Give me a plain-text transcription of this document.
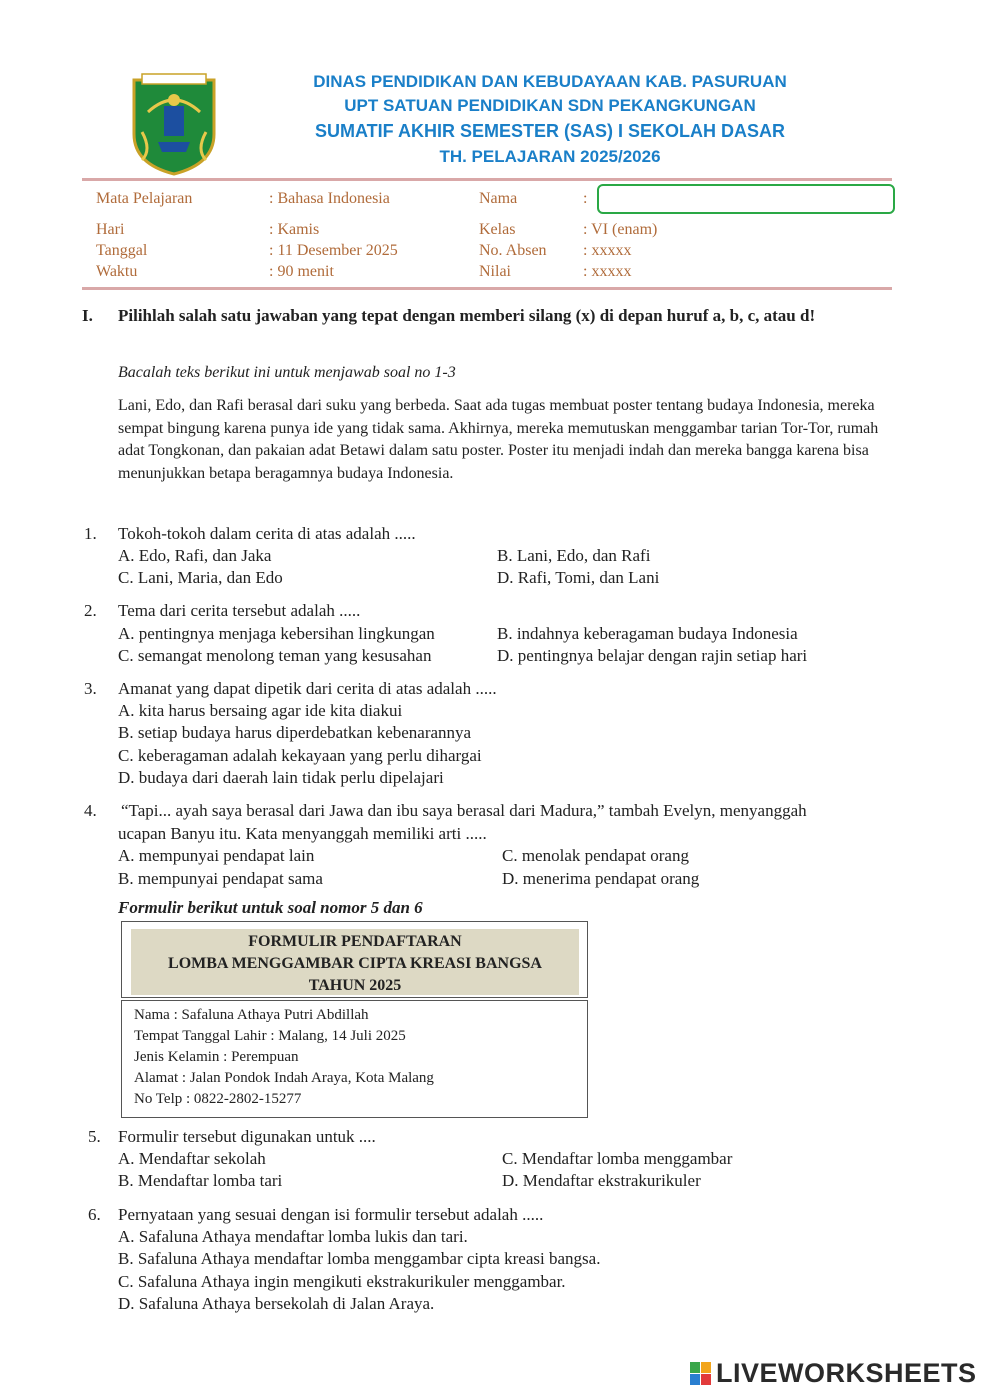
DINAS PENDIDIKAN DAN KEBUDAYAAN KAB. PASURUAN
UPT SATUAN PENDIDIKAN SDN PEKANGKUNGAN
SUMATIF AKHIR SEMESTER (SAS) I SEKOLAH DASAR
TH. PELAJARAN 2025/2026
Mata Pelajaran	: Bahasa Indonesia	Nama	:
Hari	: Kamis	Kelas	: VI (enam)
Tanggal	: 11 Desember 2025	No. Absen : xxxxx
Waktu	: 90 menit	Nilai	: xxxxx
I. Pilihlah salah satu jawaban yang tepat dengan memberi silang (x) di depan huruf a, b, c, atau d!
Bacalah teks berikut ini untuk menjawab soal no 1-3
Lani, Edo, dan Rafi berasal dari suku yang berbeda. Saat ada tugas membuat poster tentang budaya Indonesia, mereka sempat bingung karena punya ide yang tidak sama. Akhirnya, mereka memutuskan menggambar tarian Tor-Tor, rumah adat Tongkonan, dan pakaian adat Betawi dalam satu poster. Poster itu menjadi indah dan mereka bangga karena bisa menunjukkan betapa beragamnya budaya Indonesia.
1.	Tokoh-tokoh dalam cerita di atas adalah .....
A. Edo, Rafi, dan Jaka	B. Lani, Edo, dan Rafi
C. Lani, Maria, dan Edo	D. Rafi, Tomi, dan Lani
2.	Tema dari cerita tersebut adalah .....
A. pentingnya menjaga kebersihan lingkungan	B. indahnya keberagaman budaya Indonesia
C. semangat menolong teman yang kesusahan	D. pentingnya belajar dengan rajin setiap hari
3.	Amanat yang dapat dipetik dari cerita di atas adalah .....
A. kita harus bersaing agar ide kita diakui
B. setiap budaya harus diperdebatkan kebenarannya
C. keberagaman adalah kekayaan yang perlu dihargai
D. budaya dari daerah lain tidak perlu dipelajari
4.	“Tapi... ayah saya berasal dari Jawa dan ibu saya berasal dari Madura,” tambah Evelyn, menyanggah
ucapan Banyu itu. Kata menyanggah memiliki arti .....
A. mempunyai pendapat lain	C. menolak pendapat orang
B. mempunyai pendapat sama	D. menerima pendapat orang
Formulir berikut untuk soal nomor 5 dan 6
FORMULIR PENDAFTARAN
LOMBA MENGGAMBAR CIPTA KREASI BANGSA
TAHUN 2025
Nama : Safaluna Athaya Putri Abdillah
Tempat Tanggal Lahir : Malang, 14 Juli 2025
Jenis Kelamin : Perempuan
Alamat : Jalan Pondok Indah Araya, Kota Malang
No Telp : 0822-2802-15277
5.	Formulir tersebut digunakan untuk ....
A. Mendaftar sekolah	C. Mendaftar lomba menggambar
B. Mendaftar lomba tari	D. Mendaftar ekstrakurikuler
6.	Pernyataan yang sesuai dengan isi formulir tersebut adalah .....
A. Safaluna Athaya mendaftar lomba lukis dan tari.
B. Safaluna Athaya mendaftar lomba menggambar cipta kreasi bangsa.
C. Safaluna Athaya ingin mengikuti ekstrakurikuler menggambar.
D. Safaluna Athaya bersekolah di Jalan Araya.
LIVEWORKSHEETS
